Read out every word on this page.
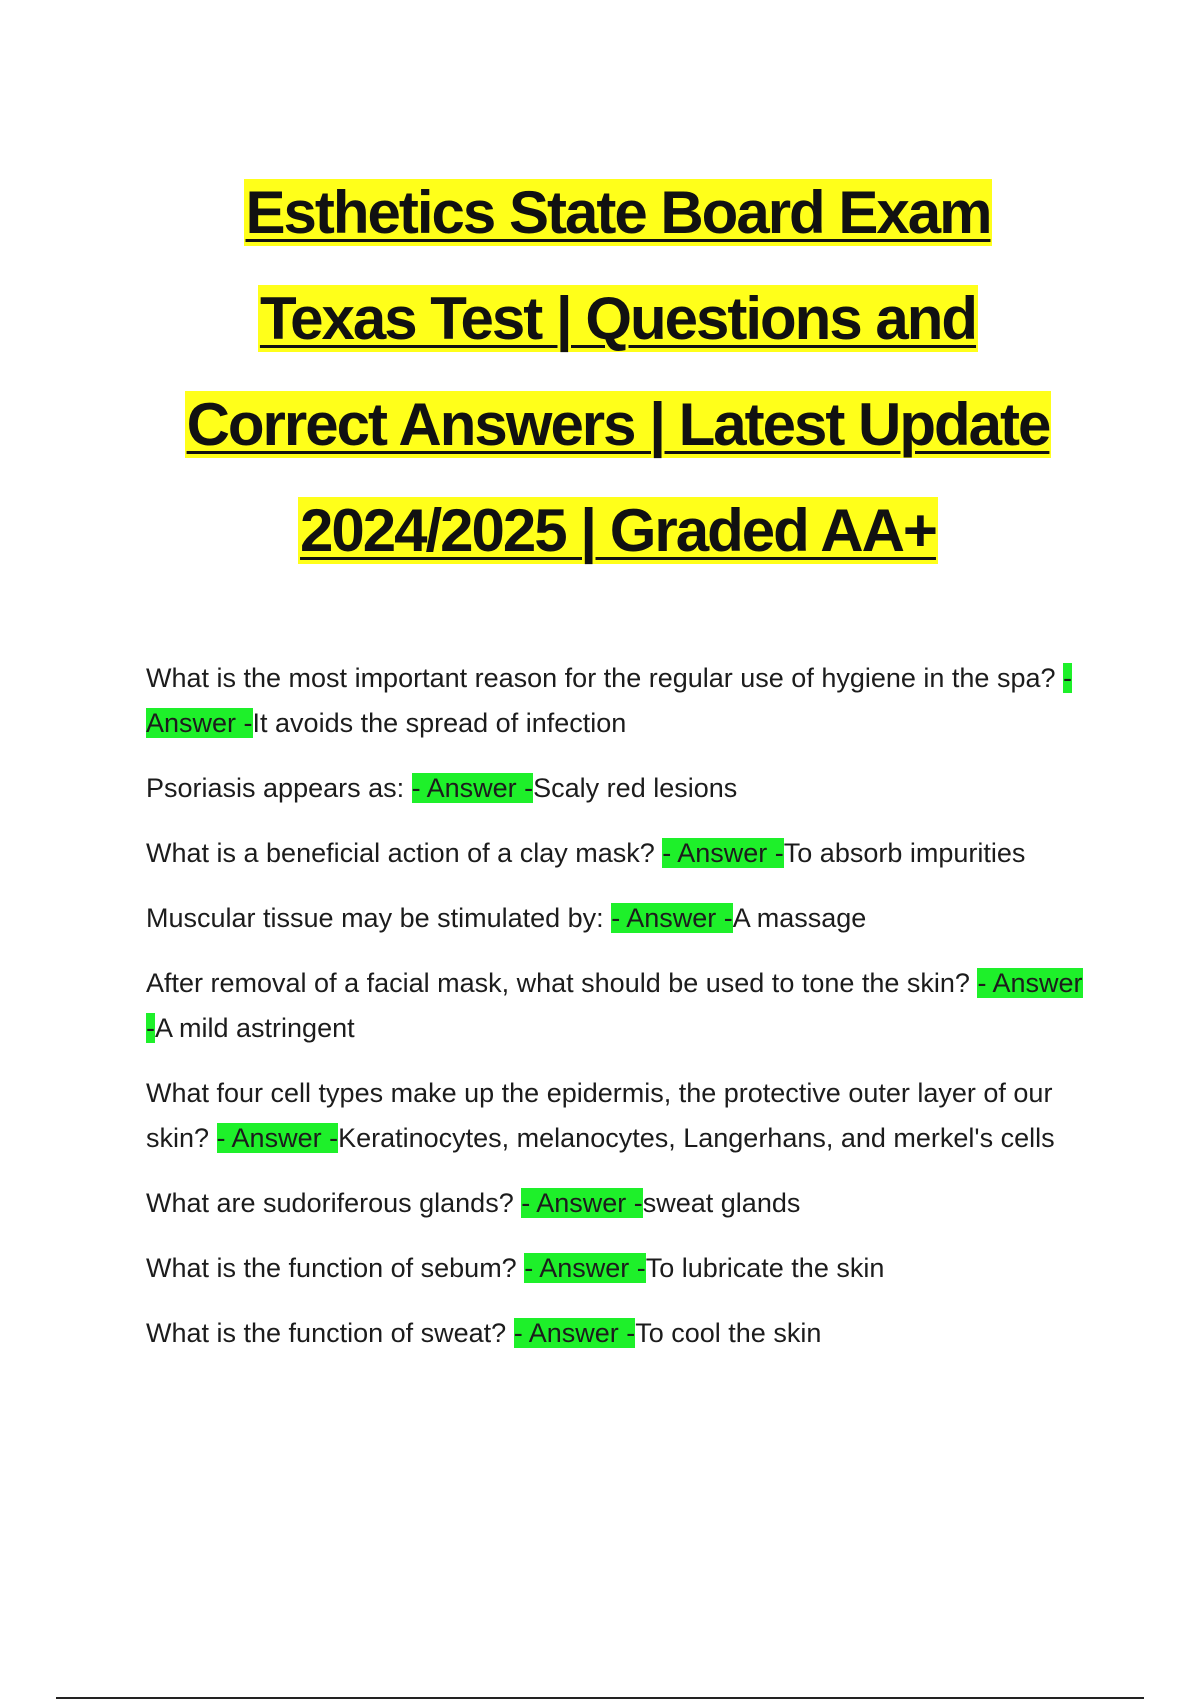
Esthetics State Board Exam
Texas Test | Questions and
Correct Answers | Latest Update
2024/2025 | Graded AA+

What is the most important reason for the regular use of hygiene in the spa? - Answer -It avoids the spread of infection

Psoriasis appears as: - Answer -Scaly red lesions

What is a beneficial action of a clay mask? - Answer -To absorb impurities

Muscular tissue may be stimulated by: - Answer -A massage

After removal of a facial mask, what should be used to tone the skin? - Answer -A mild astringent

What four cell types make up the epidermis, the protective outer layer of our skin? - Answer -Keratinocytes, melanocytes, Langerhans, and merkel's cells

What are sudoriferous glands? - Answer -sweat glands

What is the function of sebum? - Answer -To lubricate the skin

What is the function of sweat? - Answer -To cool the skin
